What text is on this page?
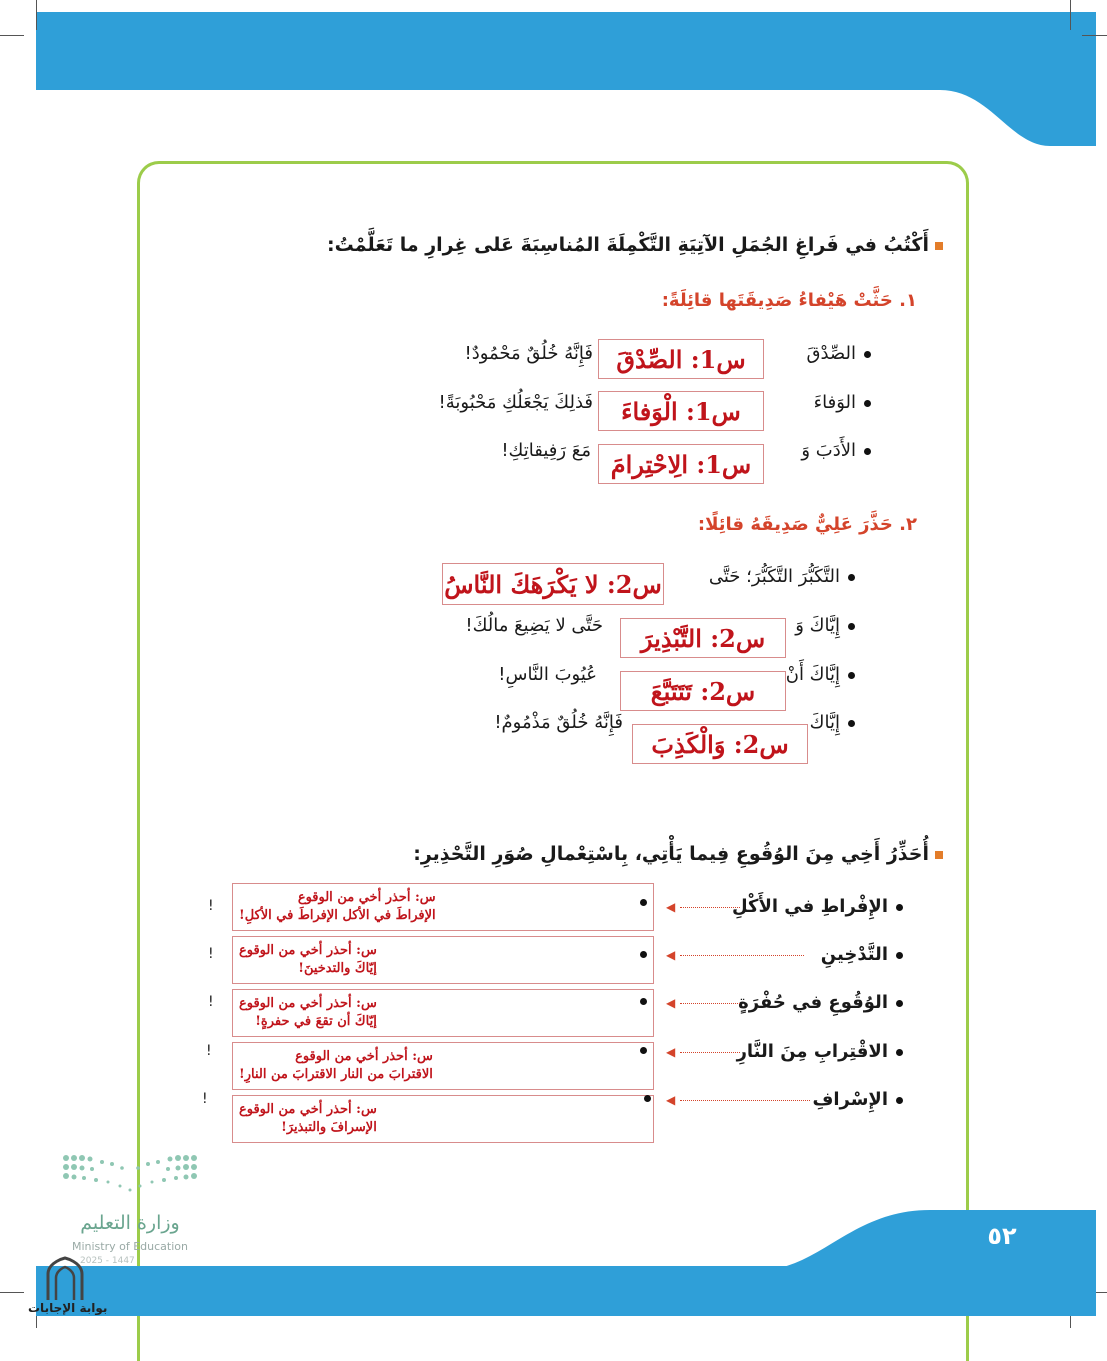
أَكْتُبُ في فَراغِ الجُمَلِ الآتِيَةِ التَّكْمِلَةَ المُناسِبَةَ عَلى غِرارِ ما تَعَلَّمْتُ:
١. حَثَّتْ هَيْفاءُ صَدِيقَتَها قائِلَةً:
الصِّدْقَ
س1: الصِّدْقَ
فَإِنَّهُ خُلُقٌ مَحْمُودٌ!
الوَفاءَ
س1: الْوَفاءَ
فَذلِكَ يَجْعَلُكِ مَحْبُوبَةً!
الأَدَبَ وَ
س1: الِاحْتِرامَ
مَعَ رَفِيقاتِكِ!
٢. حَذَّرَ عَلِيٌّ صَدِيقَهُ قائِلًا:
التَّكَبُّرَ التَّكَبُّرَ؛ حَتَّى
س2: لا يَكْرَهَكَ النَّاسُ
إِيَّاكَ وَ
س2: التَّبْذِيرَ
حَتَّى لا يَضِيعَ مالُكَ!
إِيَّاكَ أَنْ
س2: تَتَتَبَّعَ
عُيُوبَ النَّاسِ!
إِيَّاكَ
س2: وَالْكَذِبَ
فَإِنَّهُ خُلُقٌ مَذْمُومٌ!
أُحَذِّرُ أَخِي مِنَ الوُقُوعِ فِيما يَأْتِي، بِاسْتِعْمالِ صُوَرِ التَّحْذِيرِ:
الإِفْراطِ في الأَكْلِ
◀
س: أحذر أخي من الوقوع
الإفراطَ في الأكل الإفراطَ في الأكلِ!
!
التَّدْخِينِ
◀
س: أحذر أخي من الوقوع
إيّاكَ والتدخينَ!
!
الوُقُوعِ في حُفْرَةٍ
◀
س: أحذر أخي من الوقوع
إيّاكَ أن تقعَ في حفرةٍ!
!
الاقْتِرابِ مِنَ النَّارِ
◀
س: أحذر أخي من الوقوع
الاقترابَ من النار الاقترابَ من النارِ!
!
الإِسْرافِ
◀
س: أحذر أخي من الوقوع
الإسرافَ والتبذيرَ!
!
٥٢
وزارة التعليم
Ministry of Education
2025 - 1447
بوابة الإجابات
